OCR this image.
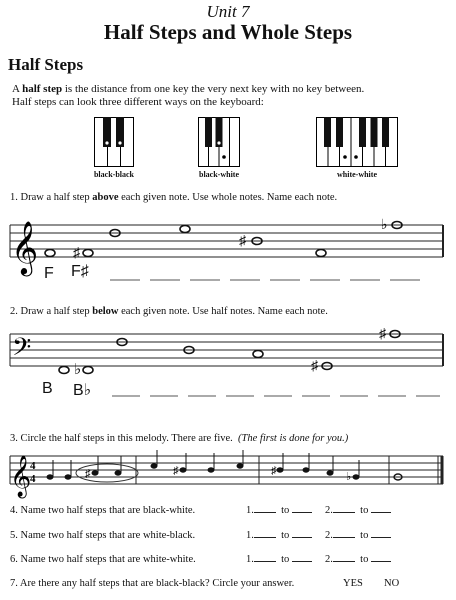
Unit 7
Half Steps and Whole Steps
Half Steps
A half step is the distance from one key the very next key with no key between.
Half steps can look three different ways on the keyboard:
black-black	black-white	white-white
1. Draw a half step above each given note. Use whole notes. Name each note.
𝄞 ♯
♯
♭
F F♯
2. Draw a half step below each given note. Use half notes. Name each note.
𝄢
♭	♯
♯
B B♭
3. Circle the half steps in this melody. There are five. (The first is done for you.)
𝄞
4
4	♯	♯	♯	♭
4. Name two half steps that are black-white.
5. Name two half steps that are white-black.
6. Name two half steps that are white-white.
1.	to	2.	to
1.	to	2.	to
1.	to	2.	to
7. Are there any half steps that are black-black? Circle your answer.	YES NO
